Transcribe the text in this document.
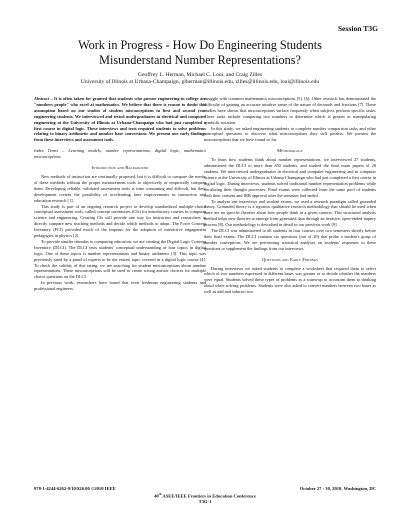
Session T3G
Work in Progress - How Do Engineering Students
Misunderstand Number Representations?
Geoffrey L. Herman, Michael C. Loui, and Craig Zilles
University of Illinois at Urbana-Champaign, glherman@illinois.edu, zilles@illinois.edu, loui@illinois.edu

Abstract – It is often taken for granted that students who pursue engineering in college are "numbers people" who excel at mathematics. We believe that there is reason to doubt this assumption based on our studies of student misconceptions in first and second year engineering students. We interviewed and tested undergraduates in electrical and computer engineering at the University of Illinois at Urbana-Champaign who had just completed a first course in digital logic. These interviews and tests required students to solve problems relating to binary arithmetic and number base conversions. We present our early findings from these interviews and assessment tools.

Index Terms – Learning models, number representations, digital logic, mathematics misconceptions

Introduction and Background

New methods of instruction are continually proposed, but it is difficult to compare the merits of these methods without the proper measurement tools to objectively or empirically compare them. Developing reliable, validated assessment tools is time consuming and difficult, but their development creates the possibility of accelerating later improvements in instruction and education research [1].

This study is part of an ongoing research project to develop standardized multiple-choice conceptual assessment tools, called concept inventories (CIs) for introductory courses in computer science and engineering. Creating CIs will provide one way for instructors and researchers to directly compare new teaching methods and decide which methods to adopt. The Force Concept Inventory (FCI) provided much of the impetus for the adoption of interactive engagement pedagogies in physics [2].

To provide similar stimulus to computing education, we are creating the Digital Logic Concept Inventory (DLCI). The DLCI tests students' conceptual understanding of four topics in digital logic. One of these topics is number representations and binary arithmetic [3]. This topic was previously rated by a panel of experts to be the easiest topic covered in a digital logic course [4]. To check the validity of this rating, we are searching for student misconceptions about number representations. These misconceptions will be used to create wrong answer choices for multiple choice questions on the DLCI.

In previous work, researchers have found that even freshman engineering students and professional engineers

struggle with common mathematics misconceptions [5], [6]. Other research has demonstrated the difficulty of gaining an accurate intuitive sense of the nature of decimals and fractions [7]. These studies have shown that misconceptions surface frequently when subjects perform specific tasks. These tasks include comparing two numbers to determine which is greater or manipulating symbolic notation.

In this study, we asked engineering students to complete number comparison tasks and other conceptual questions to discover what misconceptions they still possess. We present the misconceptions that we have found so far.

Methodology

To learn how students think about number representations, we interviewed 27 students, administered the DLCI to more than 350 students, and studied the final exam papers of 20 students. We interviewed undergraduates in electrical and computer engineering and in computer science at the University of Illinois at Urbana-Champaign who had just completed a first course in digital logic. During interviews, students solved traditional number representation problems while vocalizing their thought processes. Final exams were collected from the same pool of students with their consent and IRB approval after the semester had ended.

To analyze our interviews and student exams, we used a research paradigm called grounded theory. Grounded theory is a rigorous qualitative research methodology that should be used when there are no specific theories about how people think in a given context. This structured analysis method helps new theories to emerge from generated data through an iterative, open-ended inquiry process [8]. Our methodology is described in detail in our previous work [9].

The DLCI was administered to all students in four courses over two semesters shortly before their final exams. The DLCI contains six questions (out of 29) that probe a student's grasp of number conceptions. We are performing statistical analyses on students' responses to these questions to supplement the findings from our interviews.

Questions and Early Findings

During interviews we asked students to complete a worksheet that required them to select which of two numbers expressed in different bases was greater or to decide whether the numbers were equal. Students solved these types of problems as a warm-up to accustom them to thinking aloud while solving problems. Students were also asked to convert numbers between two bases as well as add and subtract two

978-1-4244-6262-9/10/$26.00 ©2010 IEEE	October 27 - 30, 2010, Washington, DC
40th ASEE/IEEE Frontiers in Education Conference
T3G-1
